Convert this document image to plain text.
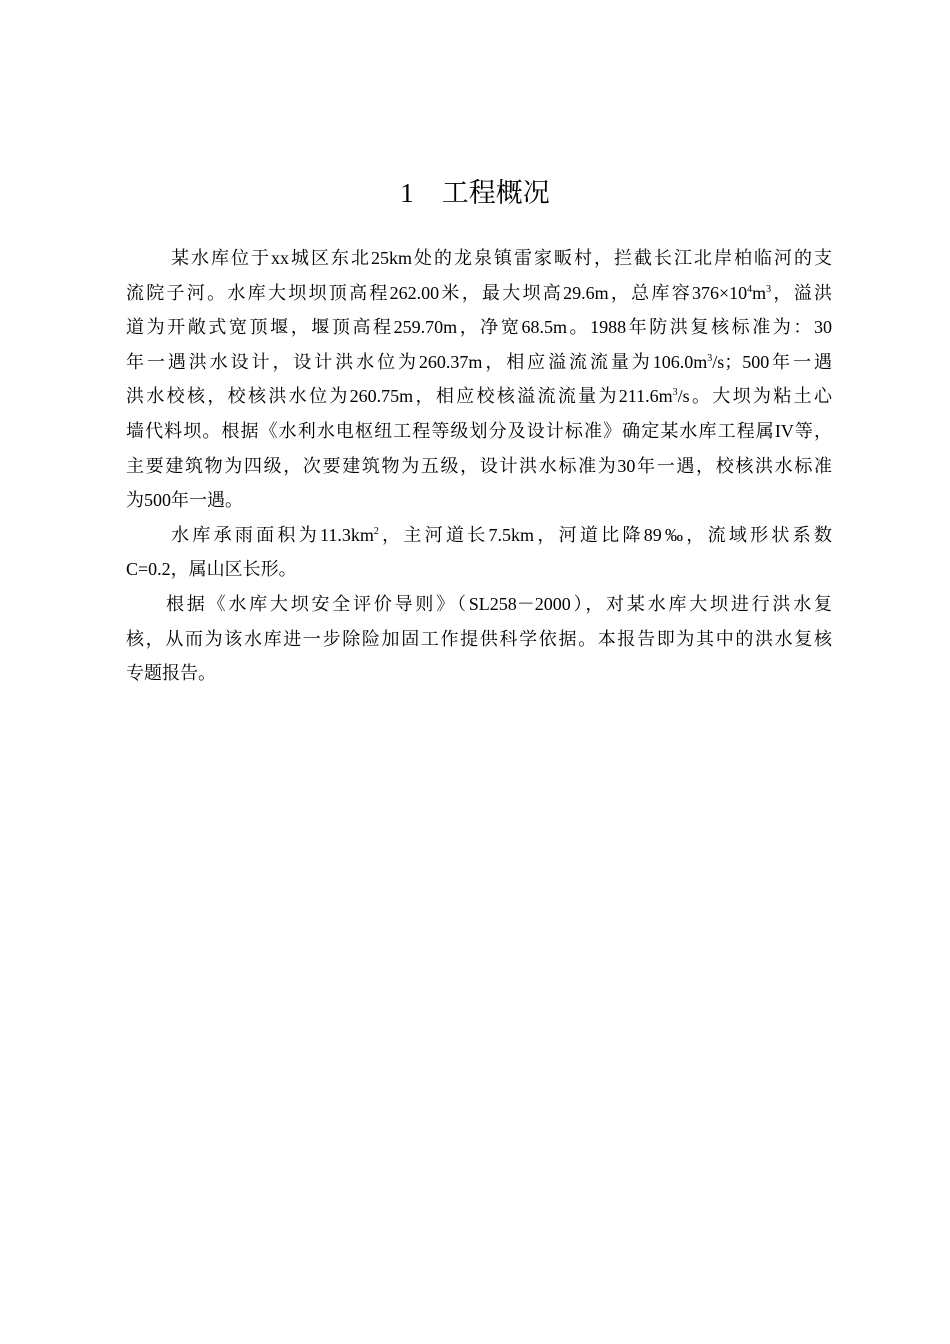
1 工程概况
某水库位于xx城区东北25km处的龙泉镇雷家畈村，拦截长江北岸柏临河的支
流院子河。水库大坝坝顶高程262.00米，最大坝高29.6m，总库容$376\times 10^4m^3$，溢洪
道为开敞式宽顶堰，堰顶高程259.70m，净宽68.5m。1988年防洪复核标准为：30
年一遇洪水设计，设计洪水位为260.37m，相应溢流流量为$106.0m^3/s$；500年一遇
洪水校核，校核洪水位为260.75m，相应校核溢流流量为$211.6m^3/s$。大坝为粘土心
墙代料坝。根据《水利水电枢纽工程等级划分及设计标准》确定某水库工程属IV等，
主要建筑物为四级，次要建筑物为五级，设计洪水标准为30年一遇，校核洪水标准
为500年一遇。
水库承雨面积为$11.3km^2$，主河道长7.5km，河道比降89‰，流域形状系数
C=0.2，属山区长形。
根据《水库大坝安全评价导则》（SL258－2000），对某水库大坝进行洪水复
核，从而为该水库进一步除险加固工作提供科学依据。本报告即为其中的洪水复核
专题报告。
